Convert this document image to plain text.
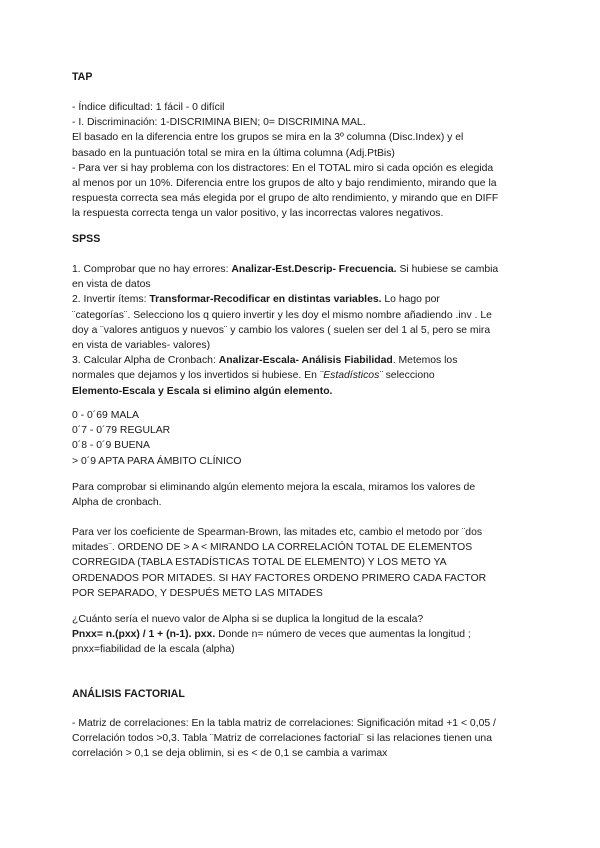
TAP

- Índice dificultad: 1 fácil - 0 difícil

- I. Discriminación: 1-DISCRIMINA BIEN; 0= DISCRIMINA MAL.

El basado en la diferencia entre los grupos se mira en la 3º columna (Disc.Index) y el

basado en la puntuación total se mira en la última columna (Adj.PtBis)

- Para ver si hay problema con los distractores: En el TOTAL miro si cada opción es elegida

al menos por un 10%. Diferencia entre los grupos de alto y bajo rendimiento, mirando que la

respuesta correcta sea más elegida por el grupo de alto rendimiento, y mirando que en DIFF

la respuesta correcta tenga un valor positivo, y las incorrectas valores negativos.

SPSS

1. Comprobar que no hay errores: Analizar-Est.Descrip- Frecuencia. Si hubiese se cambia

en vista de datos

2. Invertir ítems: Transformar-Recodificar en distintas variables. Lo hago por

¨categorías¨. Selecciono los q quiero invertir y les doy el mismo nombre añadiendo .inv . Le

doy a ¨valores antiguos y nuevos¨ y cambio los valores ( suelen ser del 1 al 5, pero se mira

en vista de variables- valores)

3. Calcular Alpha de Cronbach: Analizar-Escala- Análisis Fiabilidad. Metemos los

normales que dejamos y los invertidos si hubiese. En ¨Estadísticos¨ selecciono

Elemento-Escala y Escala si elimino algún elemento.

0 - 0´69 MALA

0´7 - 0´79 REGULAR

0´8 - 0´9 BUENA

> 0´9 APTA PARA ÁMBITO CLÍNICO

Para comprobar si eliminando algún elemento mejora la escala, miramos los valores de

Alpha de cronbach.

Para ver los coeficiente de Spearman-Brown, las mitades etc, cambio el metodo por ¨dos

mitades¨. ORDENO DE > A < MIRANDO LA CORRELACIÓN TOTAL DE ELEMENTOS

CORREGIDA (TABLA ESTADÍSTICAS TOTAL DE ELEMENTO) Y LOS METO YA

ORDENADOS POR MITADES. SI HAY FACTORES ORDENO PRIMERO CADA FACTOR

POR SEPARADO, Y DESPUÉS METO LAS MITADES

¿Cuánto sería el nuevo valor de Alpha si se duplica la longitud de la escala?

Pnxx= n.(pxx) / 1 + (n-1). pxx. Donde n= número de veces que aumentas la longitud ;

pnxx=fiabilidad de la escala (alpha)

ANÁLISIS FACTORIAL

- Matriz de correlaciones: En la tabla matriz de correlaciones: Significación mitad +1 < 0,05 /

Correlación todos >0,3. Tabla ¨Matriz de correlaciones factorial¨ si las relaciones tienen una

correlación > 0,1 se deja oblimin, si es < de 0,1 se cambia a varimax
